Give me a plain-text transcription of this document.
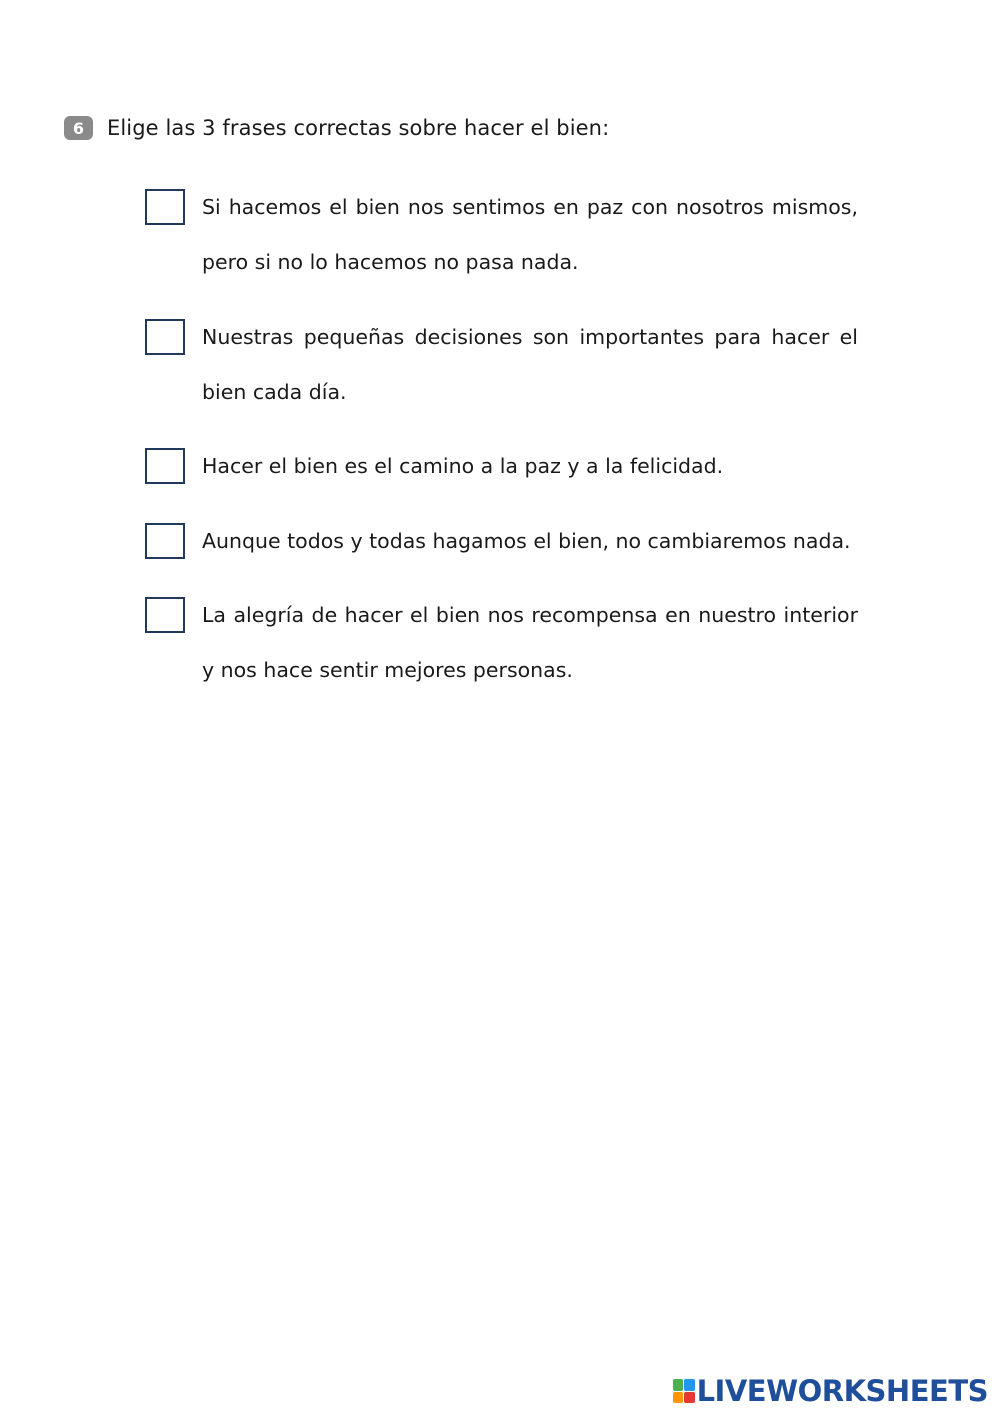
6	Elige las 3 frases correctas sobre hacer el bien:
Si hacemos el bien nos sentimos en paz con nosotros mismos, pero si no lo hacemos no pasa nada.
Nuestras pequeñas decisiones son importantes para hacer el bien cada día.
Hacer el bien es el camino a la paz y a la felicidad.
Aunque todos y todas hagamos el bien, no cambiaremos nada.
La alegría de hacer el bien nos recompensa en nuestro interior y nos hace sentir mejores personas.
LIVEWORKSHEETS
